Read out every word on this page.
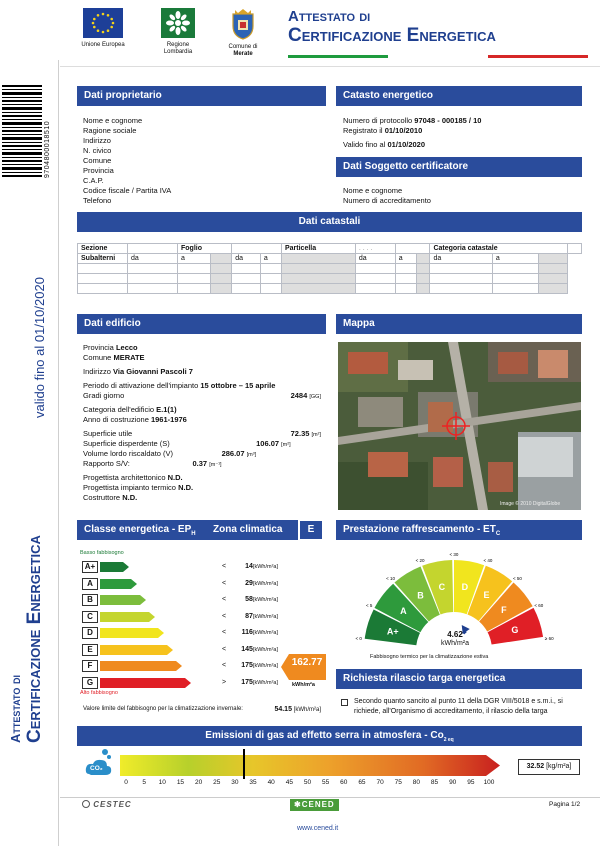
Unione Europea	Regione Lombardia
Comune di
Merate
Attestato di
Certificazione Energetica
9704800018510
valido fino al 01/10/2020
Attestato di Certificazione Energetica
Dati proprietario
Nome e cognome
Ragione sociale
Indirizzo
N. civico
Comune
Provincia
C.A.P.
Codice fiscale / Partita IVA
Telefono
Catasto energetico
Numero di protocollo 97048 - 000185 / 10
Registrato il 01/10/2010
Valido fino al 01/10/2020
Dati Soggetto certificatore
Nome e cognome
Numero di accreditamento
Dati catastali
Sezione		Foglio				Particella	. . . .			Categoria catastale			
Subalterni	da	a		da	a		da	a		da	a		

Dati edificio
Provincia Lecco
Comune MERATE
Indirizzo Via Giovanni Pascoli 7
Periodo di attivazione dell'impianto 15 ottobre – 15 aprile
Gradi giorno	2484 [GG]
Categoria dell'edificio E.1(1)
Anno di costruzione 1961-1976
Superficie utile	72.35 [m²]
Superficie disperdente (S)	106.07 [m²]
Volume lordo riscaldato (V)	286.07 [m³]
Rapporto S/V:	0.37 [m⁻¹]
Progettista architettonico N.D.
Progettista impianto termico N.D.
Costruttore N.D.
Mappa
Image © 2010 DigitalGlobe
Classe energetica - $EP_H$	Zona climatica	E
Basso fabbisogno
A+	<	14[kWh/m²a]
A	<	29[kWh/m²a]
B	<	58[kWh/m²a]
C	<	87[kWh/m²a]
D	<	116[kWh/m²a]
E	<	145[kWh/m²a]
F	<	175[kWh/m²a]
G	>	175[kWh/m²a]
Alto fabbisogno
162.77
kWh/m²a
Valore limite del fabbisogno per la climatizzazione invernale:	54.15 [kWh/m²a]
Prestazione raffrescamento - $ET_C$
A+
A
B
C D
E
F
G
< 0
< 5
< 10
< 20
< 30
< 40
< 50
< 60
≥ 60
4.62
kWh/m²a
Fabbisogno termico per la climatizzazione estiva
Richiesta rilascio targa energetica
Secondo quanto sancito al punto 11 della DGR VIII/5018 e s.m.i., si
richiede, all'Organismo di accreditamento, il rilascio della targa
Emissioni di gas ad effetto serra in atmosfera - $Co_{2 eq}$
CO₂
0 5 10 15 20 25 30 35 40 45 50 55 60 65 70 75 80 85 90 95 100
32.52 [kg/m²a]
CESTEC	✱CENED	Pagina 1/2
www.cened.it
